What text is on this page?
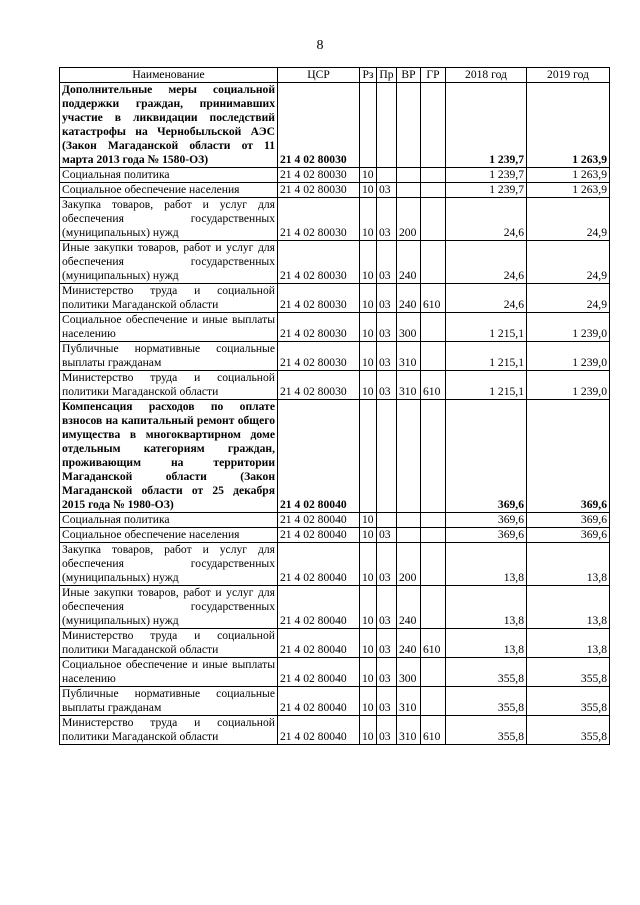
8
Наименование	ЦСР	Рз	Пр	ВР	ГР	2018 год	2019 год
Дополнительные меры социальной поддержки граждан, принимавших участие в ликвидации последствий катастрофы на Чернобыльской АЭС (Закон Магаданской области от 11 марта 2013 года № 1580-ОЗ)	21 4 02 80030					1 239,7	1 263,9
Социальная политика	21 4 02 80030	10				1 239,7	1 263,9
Социальное обеспечение населения	21 4 02 80030	10	03			1 239,7	1 263,9
Закупка товаров, работ и услуг для обеспечения государственных (муниципальных) нужд	21 4 02 80030	10	03	200		24,6	24,9
Иные закупки товаров, работ и услуг для обеспечения государственных (муниципальных) нужд	21 4 02 80030	10	03	240		24,6	24,9
Министерство труда и социальной политики Магаданской области	21 4 02 80030	10	03	240	610	24,6	24,9
Социальное обеспечение и иные выплаты населению	21 4 02 80030	10	03	300		1 215,1	1 239,0
Публичные нормативные социальные выплаты гражданам	21 4 02 80030	10	03	310		1 215,1	1 239,0
Министерство труда и социальной политики Магаданской области	21 4 02 80030	10	03	310	610	1 215,1	1 239,0
Компенсация расходов по оплате взносов на капитальный ремонт общего имущества в многоквартирном доме отдельным категориям граждан, проживающим на территории Магаданской области (Закон Магаданской области от 25 декабря 2015 года № 1980-ОЗ)	21 4 02 80040					369,6	369,6
Социальная политика	21 4 02 80040	10				369,6	369,6
Социальное обеспечение населения	21 4 02 80040	10	03			369,6	369,6
Закупка товаров, работ и услуг для обеспечения государственных (муниципальных) нужд	21 4 02 80040	10	03	200		13,8	13,8
Иные закупки товаров, работ и услуг для обеспечения государственных (муниципальных) нужд	21 4 02 80040	10	03	240		13,8	13,8
Министерство труда и социальной политики Магаданской области	21 4 02 80040	10	03	240	610	13,8	13,8
Социальное обеспечение и иные выплаты населению	21 4 02 80040	10	03	300		355,8	355,8
Публичные нормативные социальные выплаты гражданам	21 4 02 80040	10	03	310		355,8	355,8
Министерство труда и социальной политики Магаданской области	21 4 02 80040	10	03	310	610	355,8	355,8
